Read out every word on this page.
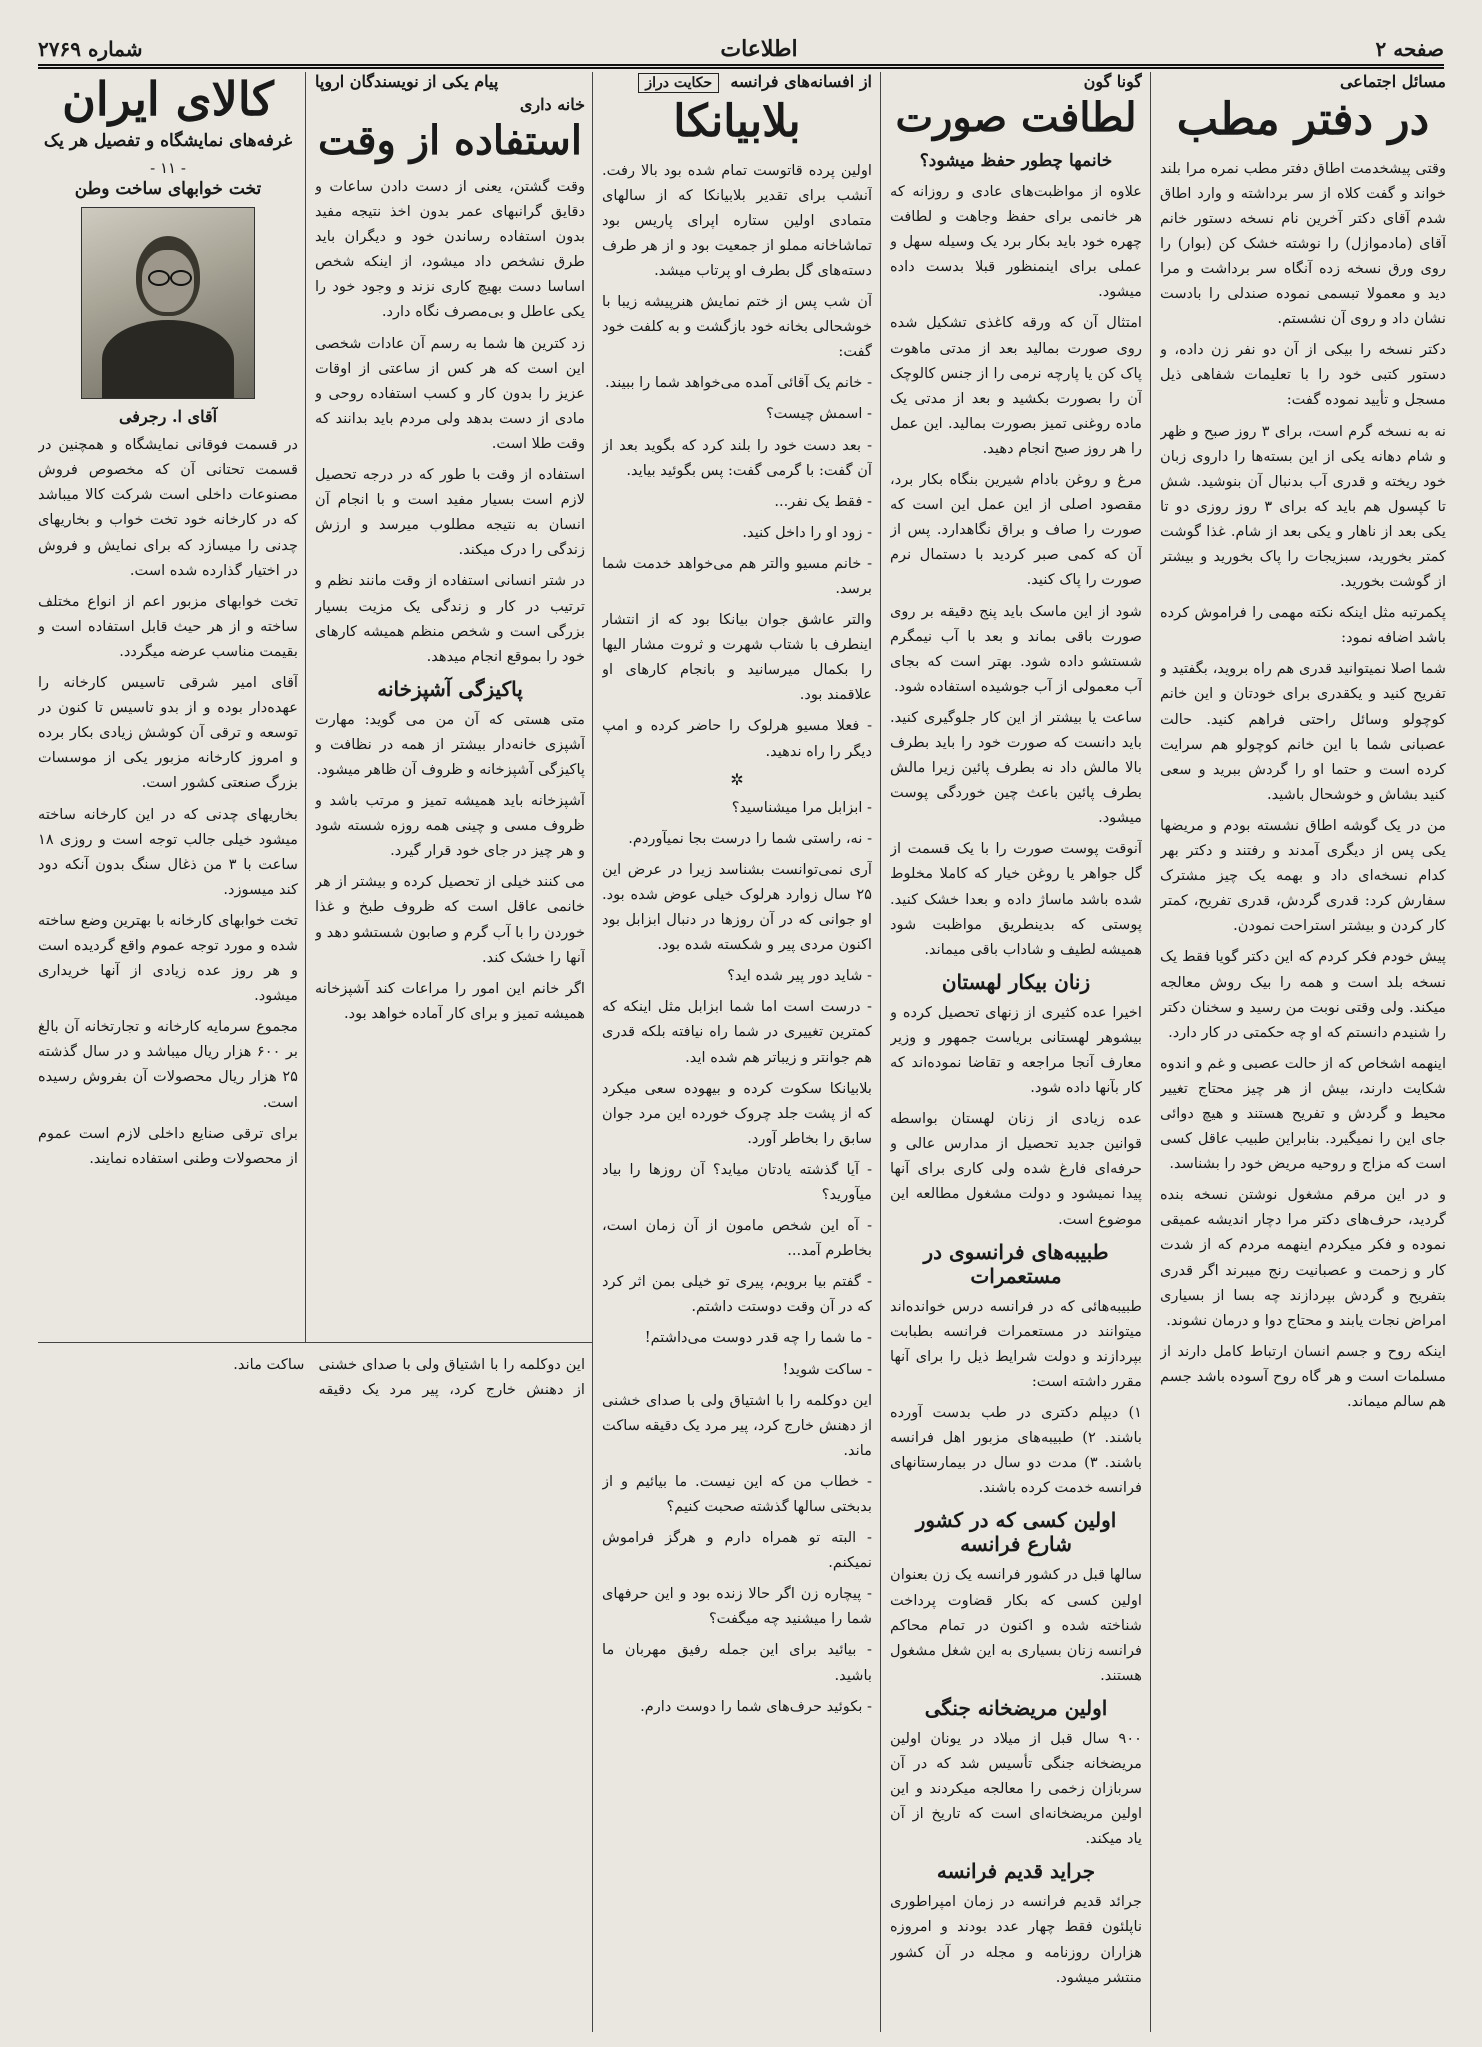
صفحه ۲
اطلاعات
شماره ۲۷۶۹
مسائل اجتماعی
در دفتر مطب

وقتی پیشخدمت اطاق دفتر مطب نمره مرا بلند خواند و گفت کلاه از سر برداشته و وارد اطاق شدم آقای دکتر آخرین نام نسخه دستور خانم آقای (مادموازل) را نوشته خشک کن (بوار) را روی ورق نسخه زده آنگاه سر برداشت و مرا دید و معمولا تبسمی نموده صندلی را بادست نشان داد و روی آن نشستم.

دکتر نسخه را بیکی از آن دو نفر زن داده، و دستور کتبی خود را با تعلیمات شفاهی ذیل مسجل و تأیید نموده گفت:

نه به نسخه گرم است، برای ۳ روز صبح و ظهر و شام دهانه یکی از این بسته‌ها را داروی زبان خود ریخته و قدری آب بدنبال آن بنوشید. شش تا کپسول هم باید که برای ۳ روز روزی دو تا یکی بعد از ناهار و یکی بعد از شام. غذا گوشت کمتر بخورید، سبزیجات را پاک بخورید و بیشتر از گوشت بخورید.

پکمرتبه مثل اینکه نکته مهمی را فراموش کرده باشد اضافه نمود:

شما اصلا نمیتوانید قدری هم راه بروید، بگفتید و تفریح کنید و یکقدری برای خودتان و این خانم کوچولو وسائل راحتی فراهم کنید. حالت عصبانی شما با این خانم کوچولو هم سرایت کرده است و حتما او را گردش ببرید و سعی کنید بشاش و خوشحال باشید.

من در یک گوشه اطاق نشسته بودم و مریضها یکی پس از دیگری آمدند و رفتند و دکتر بهر کدام نسخه‌ای داد و بهمه یک چیز مشترک سفارش کرد: قدری گردش، قدری تفریح، کمتر کار کردن و بیشتر استراحت نمودن.

پیش خودم فکر کردم که این دکتر گویا فقط یک نسخه بلد است و همه را بیک روش معالجه میکند. ولی وقتی نوبت من رسید و سخنان دکتر را شنیدم دانستم که او چه حکمتی در کار دارد.

اینهمه اشخاص که از حالت عصبی و غم و اندوه شکایت دارند، بیش از هر چیز محتاج تغییر محیط و گردش و تفریح هستند و هیچ دوائی جای این را نمیگیرد. بنابراین طبیب عاقل کسی است که مزاج و روحیه مریض خود را بشناسد.

و در این مرقم مشغول نوشتن نسخه بنده گردید، حرف‌های دکتر مرا دچار اندیشه عمیقی نموده و فکر میکردم اینهمه مردم که از شدت کار و زحمت و عصبانیت رنج میبرند اگر قدری بتفریح و گردش بپردازند چه بسا از بسیاری امراض نجات یابند و محتاج دوا و درمان نشوند.

اینکه روح و جسم انسان ارتباط کامل دارند از مسلمات است و هر گاه روح آسوده باشد جسم هم سالم میماند.

گونا گون
لطافت صورت
خانمها چطور حفظ میشود؟

علاوه از مواظبت‌های عادی و روزانه که هر خانمی برای حفظ وجاهت و لطافت چهره خود باید بکار برد یک وسیله سهل و عملی برای اینمنظور قبلا بدست داده میشود.

امتثال آن که ورقه کاغذی تشکیل شده روی صورت بمالید بعد از مدتی ماهوت پاک کن یا پارچه نرمی را از جنس کالوچک آن را بصورت بکشید و بعد از مدتی یک ماده روغنی تمیز بصورت بمالید. این عمل را هر روز صبح انجام دهید.

مرغ و روغن بادام شیرین بنگاه بکار برد، مقصود اصلی از این عمل این است که صورت را صاف و براق نگاهدارد. پس از آن که کمی صبر کردید با دستمال نرم صورت را پاک کنید.

شود از این ماسک باید پنج دقیقه بر روی صورت باقی بماند و بعد با آب نیمگرم شستشو داده شود. بهتر است که بجای آب معمولی از آب جوشیده استفاده شود.

ساعت یا بیشتر از این کار جلوگیری کنید. باید دانست که صورت خود را باید بطرف بالا مالش داد نه بطرف پائین زیرا مالش بطرف پائین باعث چین خوردگی پوست میشود.

آنوقت پوست صورت را با یک قسمت از گل جواهر یا روغن خیار که کاملا مخلوط شده باشد ماساژ داده و بعدا خشک کنید. پوستی که بدینطریق مواظبت شود همیشه لطیف و شاداب باقی میماند.

زنان بیکار لهستان

اخیرا عده کثیری از زنهای تحصیل کرده و بیشوهر لهستانی بریاست جمهور و وزیر معارف آنجا مراجعه و تقاضا نموده‌اند که کار بآنها داده شود.

عده زیادی از زنان لهستان بواسطه قوانین جدید تحصیل از مدارس عالی و حرفه‌ای فارغ شده ولی کاری برای آنها پیدا نمیشود و دولت مشغول مطالعه این موضوع است.

طبیبه‌های فرانسوی در مستعمرات

طبیبه‌هائی که در فرانسه درس خوانده‌اند میتوانند در مستعمرات فرانسه بطبابت بپردازند و دولت شرایط ذیل را برای آنها مقرر داشته است:

۱) دیپلم دکتری در طب بدست آورده باشند. ۲) طبیبه‌های مزبور اهل فرانسه باشند. ۳) مدت دو سال در بیمارستانهای فرانسه خدمت کرده باشند.

اولین کسی که در کشور شارع فرانسه

سالها قبل در کشور فرانسه یک زن بعنوان اولین کسی که بکار قضاوت پرداخت شناخته شده و اکنون در تمام محاکم فرانسه زنان بسیاری به این شغل مشغول هستند.

اولین مریضخانه جنگی

۹۰۰ سال قبل از میلاد در یونان اولین مریضخانه جنگی تأسیس شد که در آن سربازان زخمی را معالجه میکردند و این اولین مریضخانه‌ای است که تاریخ از آن یاد میکند.

جراید قدیم فرانسه

جرائد قدیم فرانسه در زمان امپراطوری ناپلئون فقط چهار عدد بودند و امروزه هزاران روزنامه و مجله در آن کشور منتشر میشود.

از افسانه‌های فرانسه  حکایت دراز
بلابیانکا

اولین پرده قاتوست تمام شده بود بالا رفت. آنشب برای تقدیر بلابیانکا که از سالهای متمادی اولین ستاره اپرای پاریس بود تماشاخانه مملو از جمعیت بود و از هر طرف دسته‌های گل بطرف او پرتاب میشد.

آن شب پس از ختم نمایش هنرپیشه زیبا با خوشحالی بخانه خود بازگشت و به کلفت خود گفت:

- خانم یک آقائی آمده می‌خواهد شما را ببیند.

- اسمش چیست؟

- بعد دست خود را بلند کرد که بگوید بعد از آن گفت: با گرمی گفت: پس بگوئید بیاید.

- فقط یک نفر...

- زود او را داخل کنید.

- خانم مسیو والتر هم می‌خواهد خدمت شما برسد.

والتر عاشق جوان بیانکا بود که از انتشار اینطرف با شتاب شهرت و ثروت مشار الیها را بکمال میرسانید و بانجام کارهای او علاقمند بود.

- فعلا مسیو هرلوک را حاضر کرده و امپ دیگر را راه ندهید.

✲

- ابزابل مرا میشناسید؟

- نه، راستی شما را درست بجا نمیآوردم.

آری نمی‌توانست بشناسد زیرا در عرض این ۲۵ سال زوارد هرلوک خیلی عوض شده بود. او جوانی که در آن روزها در دنبال ابزابل بود اکنون مردی پیر و شکسته شده بود.

- شاید دور پیر شده اید؟

- درست است اما شما ابزابل مثل اینکه که کمترین تغییری در شما راه نیافته بلکه قدری هم جوانتر و زیباتر هم شده اید.

بلابیانکا سکوت کرده و بیهوده سعی میکرد که از پشت جلد چروک خورده این مرد جوان سابق را بخاطر آورد.

- آیا گذشته یادتان میاید؟ آن روزها را بیاد میآورید؟

- آه این شخص مامون از آن زمان است، بخاطرم آمد...

- گفتم بیا برویم، پیری تو خیلی بمن اثر کرد که در آن وقت دوستت داشتم.

- ما شما را چه قدر دوست می‌داشتم!

- ساکت شوید!

این دوکلمه را با اشتیاق ولی با صدای خشنی از دهنش خارج کرد، پیر مرد یک دقیقه ساکت ماند.

- خطاب من که این نیست. ما بیائیم و از بدبختی سالها گذشته صحبت کنیم؟

- البته تو همراه دارم و هرگز فراموش نمیکنم.

- پیچاره زن اگر حالا زنده بود و این حرفهای شما را میشنید چه میگفت؟

- بیائید برای این جمله رفیق مهربان ما باشید.

- بکوئید حرف‌های شما را دوست دارم.

پیام یکی از نویسندگان اروپا
خانه داری
استفاده از وقت

وقت گشتن، یعنی از دست دادن ساعات و دقایق گرانبهای عمر بدون اخذ نتیجه مفید بدون استفاده رساندن خود و دیگران باید طرق نشخص داد میشود، از اینکه شخص اساسا دست بهیچ کاری نزند و وجود خود را یکی عاطل و بی‌مصرف نگاه دارد.

زد کترین ها شما به رسم آن عادات شخصی این است که هر کس از ساعتی از اوقات عزیز را بدون کار و کسب استفاده روحی و مادی از دست بدهد ولی مردم باید بدانند که وقت طلا است.

استفاده از وقت با طور که در درجه تحصیل لازم است بسیار مفید است و با انجام آن انسان به نتیجه مطلوب میرسد و ارزش زندگی را درک میکند.

در شتر انسانی استفاده از وقت مانند نظم و ترتیب در کار و زندگی یک مزیت بسیار بزرگی است و شخص منظم همیشه کارهای خود را بموقع انجام میدهد.

پاکیزگی آشپزخانه

متی هستی که آن من می گوید: مهارت آشپزی خانه‌دار بیشتر از همه در نظافت و پاکیزگی آشپزخانه و ظروف آن ظاهر میشود.

آشپزخانه باید همیشه تمیز و مرتب باشد و ظروف مسی و چینی همه روزه شسته شود و هر چیز در جای خود قرار گیرد.

می کنند خیلی از تحصیل کرده و بیشتر از هر خانمی عاقل است که ظروف طبخ و غذا خوردن را با آب گرم و صابون شستشو دهد و آنها را خشک کند.

اگر خانم این امور را مراعات کند آشپزخانه همیشه تمیز و برای کار آماده خواهد بود.

کالای ایران
غرفه‌های نمایشگاه و تفصیل هر یک
- ۱۱ -
تخت خوابهای ساخت وطن
آقای ا. رجرفی

در قسمت فوقانی نمایشگاه و همچنین در قسمت تحتانی آن که مخصوص فروش مصنوعات داخلی است شرکت کالا میباشد که در کارخانه خود تخت خواب و بخاریهای چدنی را میسازد که برای نمایش و فروش در اختیار گذارده شده است.

تخت خوابهای مزبور اعم از انواع مختلف ساخته و از هر حیث قابل استفاده است و بقیمت مناسب عرضه میگردد.

آقای امیر شرقی تاسیس کارخانه را عهده‌دار بوده و از بدو تاسیس تا کنون در توسعه و ترقی آن کوشش زیادی بکار برده و امروز کارخانه مزبور یکی از موسسات بزرگ صنعتی کشور است.

بخاریهای چدنی که در این کارخانه ساخته میشود خیلی جالب توجه است و روزی ۱۸ ساعت با ۳ من ذغال سنگ بدون آنکه دود کند میسوزد.

تخت خوابهای کارخانه با بهترین وضع ساخته شده و مورد توجه عموم واقع گردیده است و هر روز عده زیادی از آنها خریداری میشود.

مجموع سرمایه کارخانه و تجارتخانه آن بالغ بر ۶۰۰ هزار ریال میباشد و در سال گذشته ۲۵ هزار ریال محصولات آن بفروش رسیده است.

برای ترقی صنایع داخلی لازم است عموم از محصولات وطنی استفاده نمایند.

این دوکلمه را با اشتیاق ولی با صدای خشنی از دهنش خارج کرد، پیر مرد یک دقیقه ساکت ماند.
